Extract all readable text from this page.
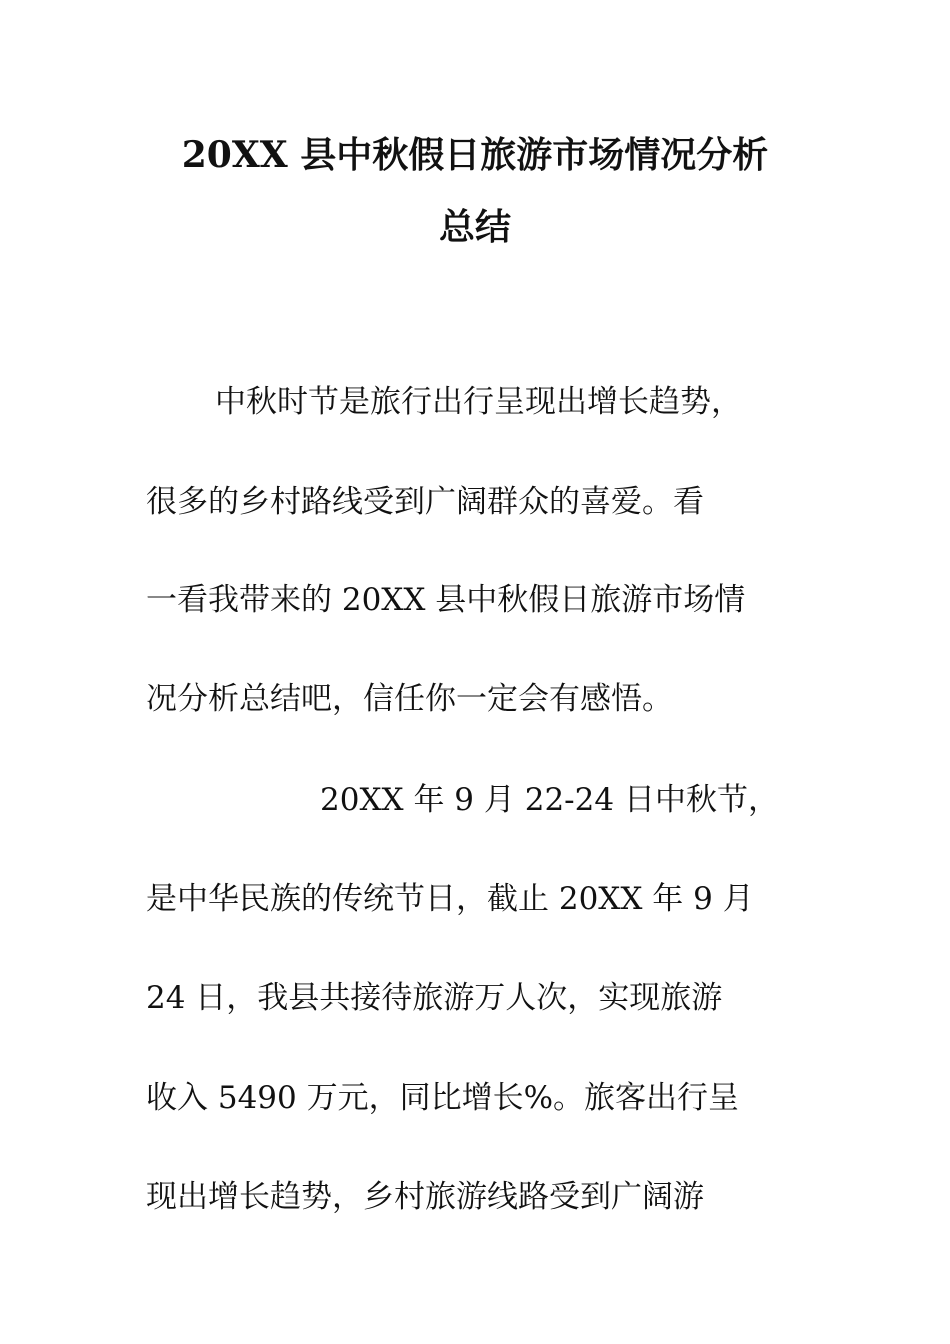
20XX 县中秋假日旅游市场情况分析
总结
中秋时节是旅行出行呈现出增长趋势，
很多的乡村路线受到广阔群众的喜爱。看
一看我带来的 20XX 县中秋假日旅游市场情
况分析总结吧，信任你一定会有感悟。
20XX 年 9 月 22-24 日中秋节，
是中华民族的传统节日，截止 20XX 年 9 月
24 日，我县共接待旅游万人次，实现旅游
收入 5490 万元，同比增长%。旅客出行呈
现出增长趋势，乡村旅游线路受到广阔游
